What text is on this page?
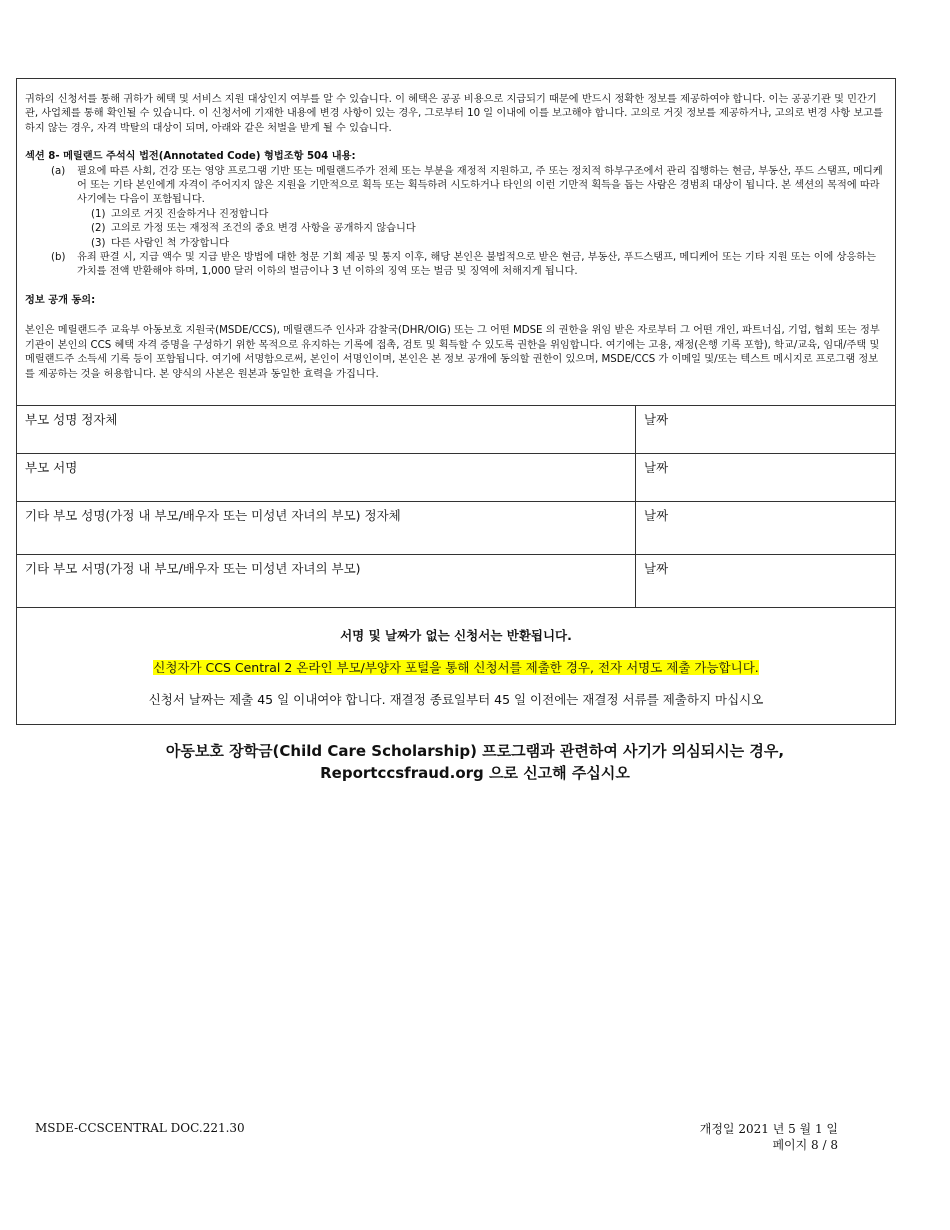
귀하의 신청서를 통해 귀하가 혜택 및 서비스 지원 대상인지 여부를 알 수 있습니다. 이 혜택은 공공 비용으로 지급되기 때문에 반드시 정확한 정보를 제공하여야 합니다. 이는 공공기관 및 민간기관, 사업체를 통해 확인될 수 있습니다. 이 신청서에 기재한 내용에 변경 사항이 있는 경우, 그로부터 10 일 이내에 이를 보고해야 합니다. 고의로 거짓 정보를 제공하거나, 고의로 변경 사항 보고를 하지 않는 경우, 자격 박탈의 대상이 되며, 아래와 같은 처벌을 받게 될 수 있습니다.

섹션 8- 메릴랜드 주석식 법전(Annotated Code) 형법조항 504 내용:

(a) 필요에 따른 사회, 건강 또는 영양 프로그램 기반 또는 메릴랜드주가 전체 또는 부분을 재정적 지원하고, 주 또는 정치적 하부구조에서 관리 집행하는 현금, 부동산, 푸드 스탬프, 메디케어 또는 기타 본인에게 자격이 주어지지 않은 지원을 기만적으로 획득 또는 획득하려 시도하거나 타인의 이런 기만적 획득을 돕는 사람은 경범죄 대상이 됩니다. 본 섹션의 목적에 따라 사기에는 다음이 포함됩니다.
(1) 고의로 거짓 진술하거나 진정합니다
(2) 고의로 가정 또는 재정적 조건의 중요 변경 사항을 공개하지 않습니다
(3) 다른 사람인 척 가장합니다
(b) 유죄 판결 시, 지급 액수 및 지급 받은 방법에 대한 청문 기회 제공 및 통지 이후, 해당 본인은 불법적으로 받은 현금, 부동산, 푸드스탬프, 메디케어 또는 기타 지원 또는 이에 상응하는 가치를 전액 반환해야 하며, 1,000 달러 이하의 벌금이나 3 년 이하의 징역 또는 벌금 및 징역에 처해지게 됩니다.

정보 공개 동의:

본인은 메릴랜드주 교육부 아동보호 지원국(MSDE/CCS), 메릴랜드주 인사과 감찰국(DHR/OIG) 또는 그 어떤 MDSE 의 권한을 위임 받은 자로부터 그 어떤 개인, 파트너십, 기업, 협회 또는 정부 기관이 본인의 CCS 혜택 자격 증명을 구성하기 위한 목적으로 유지하는 기록에 접촉, 검토 및 획득할 수 있도록 권한을 위임합니다. 여기에는 고용, 재정(은행 기록 포함), 학교/교육, 임대/주택 및 메릴랜드주 소득세 기록 등이 포함됩니다. 여기에 서명함으로써, 본인이 서명인이며, 본인은 본 정보 공개에 동의할 권한이 있으며, MSDE/CCS 가 이메일 및/또는 텍스트 메시지로 프로그램 정보를 제공하는 것을 허용합니다. 본 양식의 사본은 원본과 동일한 효력을 가집니다.

부모 성명 정자체	날짜
부모 서명	날짜
기타 부모 성명(가정 내 부모/배우자 또는 미성년 자녀의 부모) 정자체	날짜
기타 부모 서명(가정 내 부모/배우자 또는 미성년 자녀의 부모)	날짜
서명 및 날짜가 없는 신청서는 반환됩니다.
신청자가 CCS Central 2 온라인 부모/부양자 포털을 통해 신청서를 제출한 경우, 전자 서명도 제출 가능합니다.
신청서 날짜는 제출 45 일 이내여야 합니다. 재결정 종료일부터 45 일 이전에는 재결정 서류를 제출하지 마십시오
아동보호 장학금(Child Care Scholarship) 프로그램과 관련하여 사기가 의심되시는 경우,
Reportccsfraud.org 으로 신고해 주십시오
MSDE-CCSCENTRAL DOC.221.30	개정일 2021 년 5 월 1 일
페이지 8 / 8
